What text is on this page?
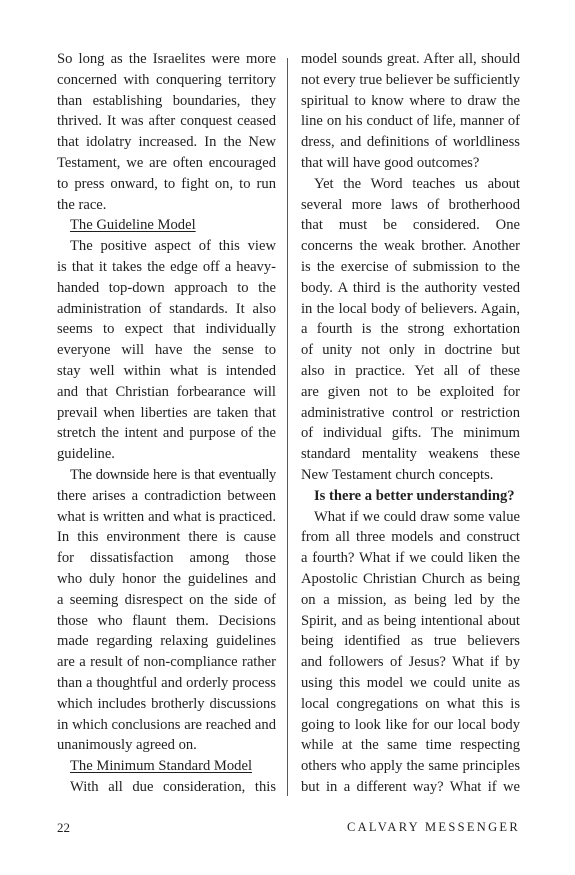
So long as the Israelites were more
concerned with conquering territory
than establishing boundaries, they
thrived. It was after conquest ceased
that idolatry increased. In the New
Testament, we are often encouraged
to press onward, to fight on, to run
the race.
The Guideline Model
The positive aspect of this view
is that it takes the edge off a heavy-
handed top-down approach to the
administration of standards. It also
seems to expect that individually
everyone will have the sense to
stay well within what is intended
and that Christian forbearance will
prevail when liberties are taken that
stretch the intent and purpose of the
guideline.
The downside here is that eventually
there arises a contradiction between
what is written and what is practiced.
In this environment there is cause
for dissatisfaction among those
who duly honor the guidelines and
a seeming disrespect on the side of
those who flaunt them. Decisions
made regarding relaxing guidelines
are a result of non-compliance rather
than a thoughtful and orderly process
which includes brotherly discussions
in which conclusions are reached and
unanimously agreed on.
The Minimum Standard Model
With all due consideration, this
model sounds great. After all, should
not every true believer be sufficiently
spiritual to know where to draw the
line on his conduct of life, manner of
dress, and definitions of worldliness
that will have good outcomes?
Yet the Word teaches us about
several more laws of brotherhood
that must be considered. One
concerns the weak brother. Another
is the exercise of submission to the
body. A third is the authority vested
in the local body of believers. Again,
a fourth is the strong exhortation
of unity not only in doctrine but
also in practice. Yet all of these
are given not to be exploited for
administrative control or restriction
of individual gifts. The minimum
standard mentality weakens these
New Testament church concepts.
Is there a better understanding?
What if we could draw some value
from all three models and construct
a fourth? What if we could liken the
Apostolic Christian Church as being
on a mission, as being led by the
Spirit, and as being intentional about
being identified as true believers
and followers of Jesus? What if by
using this model we could unite as
local congregations on what this is
going to look like for our local body
while at the same time respecting
others who apply the same principles
but in a different way? What if we
22	CALVARY MESSENGER
